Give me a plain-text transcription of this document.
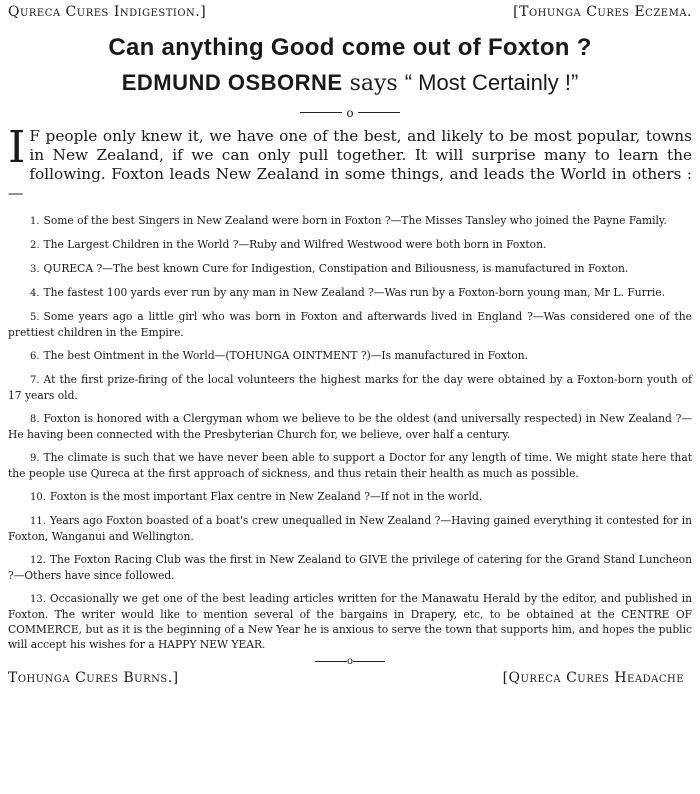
Qureca Cures Indigestion.]	[Tohunga Cures Eczema.
Can anything Good come out of Foxton ?
EDMUND OSBORNE says “ Most Certainly !”
o

I F people only knew it, we have one of the best, and likely to be most popular, towns in New Zealand, if we can only pull together. It will surprise many to learn the following. Foxton leads New Zealand in some things, and leads the World in others :—

1. Some of the best Singers in New Zealand were born in Foxton ?—The Misses Tansley who joined the Payne Family.

2. The Largest Children in the World ?—Ruby and Wilfred Westwood were both born in Foxton.

3. QURECA ?—The best known Cure for Indigestion, Constipation and Biliousness, is manufactured in Foxton.

4. The fastest 100 yards ever run by any man in New Zealand ?—Was run by a Foxton-born young man, Mr L. Furrie.

5. Some years ago a little girl who was born in Foxton and afterwards lived in England ?—Was considered one of the prettiest children in the Empire.

6. The best Ointment in the World—(TOHUNGA OINTMENT ?)—Is manufactured in Foxton.

7. At the first prize-firing of the local volunteers the highest marks for the day were obtained by a Foxton-born youth of 17 years old.

8. Foxton is honored with a Clergyman whom we believe to be the oldest (and universally respected) in New Zealand ?—He having been connected with the Presbyterian Church for, we believe, over half a century.

9. The climate is such that we have never been able to support a Doctor for any length of time. We might state here that the people use Qureca at the first approach of sickness, and thus retain their health as much as possible.

10. Foxton is the most important Flax centre in New Zealand ?—If not in the world.

11. Years ago Foxton boasted of a boat's crew unequalled in New Zealand ?—Having gained everything it contested for in Foxton, Wanganui and Wellington.

12. The Foxton Racing Club was the first in New Zealand to GIVE the privilege of catering for the Grand Stand Luncheon ?—Others have since followed.

13. Occasionally we get one of the best leading articles written for the Manawatu Herald by the editor, and published in Foxton. The writer would like to mention several of the bargains in Drapery, etc, to be obtained at the CENTRE OF COMMERCE, but as it is the beginning of a New Year he is anxious to serve the town that supports him, and hopes the public will accept his wishes for a HAPPY NEW YEAR.

o
Tohunga Cures Burns.]	[Qureca Cures Headache
